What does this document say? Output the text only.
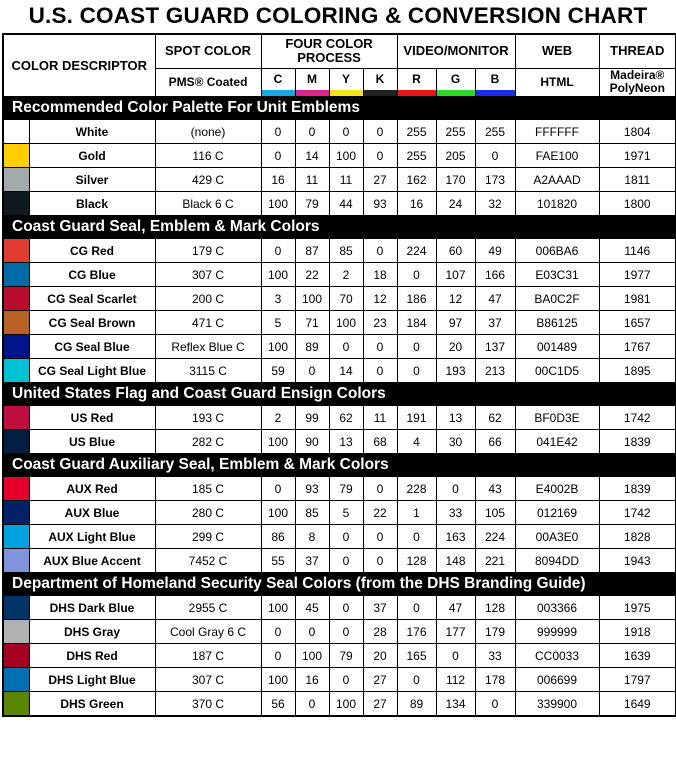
U.S. COAST GUARD COLORING & CONVERSION CHART
COLOR DESCRIPTOR		SPOT COLOR	FOUR COLOR PROCESS				VIDEO/MONITOR			WEB	THREAD
		PMS® Coated	C	M	Y	K	R	G	B	HTML	Madeira® PolyNeon

Recommended Color Palette For Unit Emblems											
	White	(none)	0	0	0	0	255	255	255	FFFFFF	1804
	Gold	116 C	0	14	100	0	255	205	0	FAE100	1971
	Silver	429 C	16	11	11	27	162	170	173	A2AAAD	1811
	Black	Black 6 C	100	79	44	93	16	24	32	101820	1800
Coast Guard Seal, Emblem & Mark Colors											
	CG Red	179 C	0	87	85	0	224	60	49	006BA6	1146
	CG Blue	307 C	100	22	2	18	0	107	166	E03C31	1977
	CG Seal Scarlet	200 C	3	100	70	12	186	12	47	BA0C2F	1981
	CG Seal Brown	471 C	5	71	100	23	184	97	37	B86125	1657
	CG Seal Blue	Reflex Blue C	100	89	0	0	0	20	137	001489	1767
	CG Seal Light Blue	3115 C	59	0	14	0	0	193	213	00C1D5	1895
United States Flag and Coast Guard Ensign Colors											
	US Red	193 C	2	99	62	11	191	13	62	BF0D3E	1742
	US Blue	282 C	100	90	13	68	4	30	66	041E42	1839
Coast Guard Auxiliary Seal, Emblem & Mark Colors											
	AUX Red	185 C	0	93	79	0	228	0	43	E4002B	1839
	AUX Blue	280 C	100	85	5	22	1	33	105	012169	1742
	AUX Light Blue	299 C	86	8	0	0	0	163	224	00A3E0	1828
	AUX Blue Accent	7452 C	55	37	0	0	128	148	221	8094DD	1943
Department of Homeland Security Seal Colors (from the DHS Branding Guide)											
	DHS Dark Blue	2955 C	100	45	0	37	0	47	128	003366	1975
	DHS Gray	Cool Gray 6 C	0	0	0	28	176	177	179	999999	1918
	DHS Red	187 C	0	100	79	20	165	0	33	CC0033	1639
	DHS Light Blue	307 C	100	16	0	27	0	112	178	006699	1797
	DHS Green	370 C	56	0	100	27	89	134	0	339900	1649
